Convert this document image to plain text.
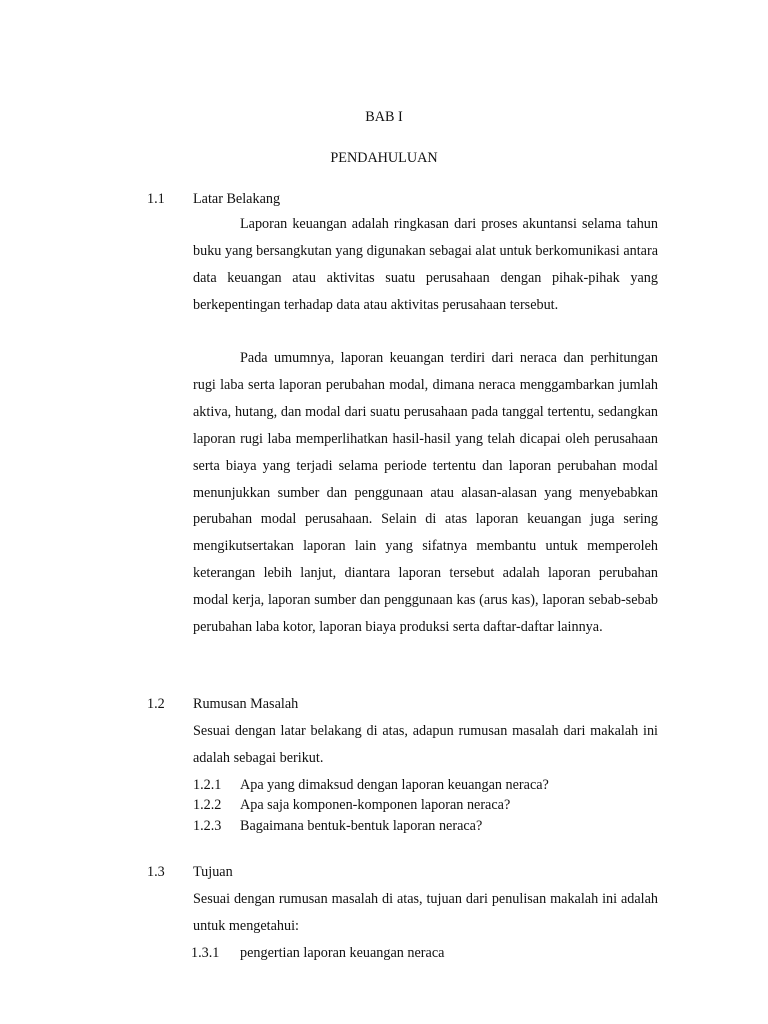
BAB I
PENDAHULUAN
1.1 Latar Belakang

Laporan keuangan adalah ringkasan dari proses akuntansi selama tahun buku yang bersangkutan yang digunakan sebagai alat untuk berkomunikasi antara data keuangan atau aktivitas suatu perusahaan dengan pihak-pihak yang berkepentingan terhadap data atau aktivitas perusahaan tersebut.

Pada umumnya, laporan keuangan terdiri dari neraca dan perhitungan rugi laba serta laporan perubahan modal, dimana neraca menggambarkan jumlah aktiva, hutang, dan modal dari suatu perusahaan pada tanggal tertentu, sedangkan laporan rugi laba memperlihatkan hasil-hasil yang telah dicapai oleh perusahaan serta biaya yang terjadi selama periode tertentu dan laporan perubahan modal menunjukkan sumber dan penggunaan atau alasan-alasan yang menyebabkan perubahan modal perusahaan. Selain di atas laporan keuangan juga sering mengikutsertakan laporan lain yang sifatnya membantu untuk memperoleh keterangan lebih lanjut, diantara laporan tersebut adalah laporan perubahan modal kerja, laporan sumber dan penggunaan kas (arus kas), laporan sebab-sebab perubahan laba kotor, laporan biaya produksi serta daftar-daftar lainnya.

1.2 Rumusan Masalah

Sesuai dengan latar belakang di atas, adapun rumusan masalah dari makalah ini adalah sebagai berikut.

1.2.1 Apa yang dimaksud dengan laporan keuangan neraca?
1.2.2 Apa saja komponen-komponen laporan neraca?
1.2.3 Bagaimana bentuk-bentuk laporan neraca?
1.3 Tujuan

Sesuai dengan rumusan masalah di atas, tujuan dari penulisan makalah ini adalah untuk mengetahui:

1.3.1 pengertian laporan keuangan neraca
